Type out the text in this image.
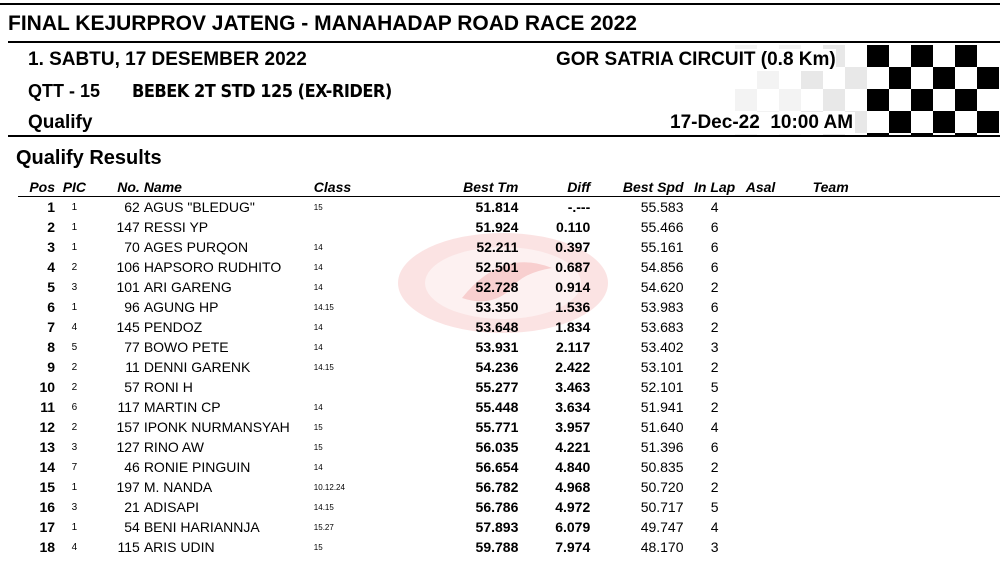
FINAL KEJURPROV JATENG - MANAHADAP ROAD RACE 2022
1. SABTU, 17 DESEMBER 2022	GOR SATRIA CIRCUIT (0.8 Km)
QTT - 15 BEBEK 2T STD 125 (EX-RIDER)
Qualify	17-Dec-22 10:00 AM
Qualify Results
Pos	PIC	No.	Name	Class	Best Tm	Diff	Best Spd	In Lap	Asal	Team
1	1	62	AGUS "BLEDUG"	15	51.814	-.---	55.583	4		
2	1	147	RESSI YP		51.924	0.110	55.466	6		
3	1	70	AGES PURQON	14	52.211	0.397	55.161	6		
4	2	106	HAPSORO RUDHITO	14	52.501	0.687	54.856	6		
5	3	101	ARI GARENG	14	52.728	0.914	54.620	2		
6	1	96	AGUNG HP	14.15	53.350	1.536	53.983	6		
7	4	145	PENDOZ	14	53.648	1.834	53.683	2		
8	5	77	BOWO PETE	14	53.931	2.117	53.402	3		
9	2	11	DENNI GARENK	14.15	54.236	2.422	53.101	2		
10	2	57	RONI H		55.277	3.463	52.101	5		
11	6	117	MARTIN CP	14	55.448	3.634	51.941	2		
12	2	157	IPONK NURMANSYAH	15	55.771	3.957	51.640	4		
13	3	127	RINO AW	15	56.035	4.221	51.396	6		
14	7	46	RONIE PINGUIN	14	56.654	4.840	50.835	2		
15	1	197	M. NANDA	10.12.24	56.782	4.968	50.720	2		
16	3	21	ADISAPI	14.15	56.786	4.972	50.717	5		
17	1	54	BENI HARIANNJA	15.27	57.893	6.079	49.747	4		
18	4	115	ARIS UDIN	15	59.788	7.974	48.170	3		
